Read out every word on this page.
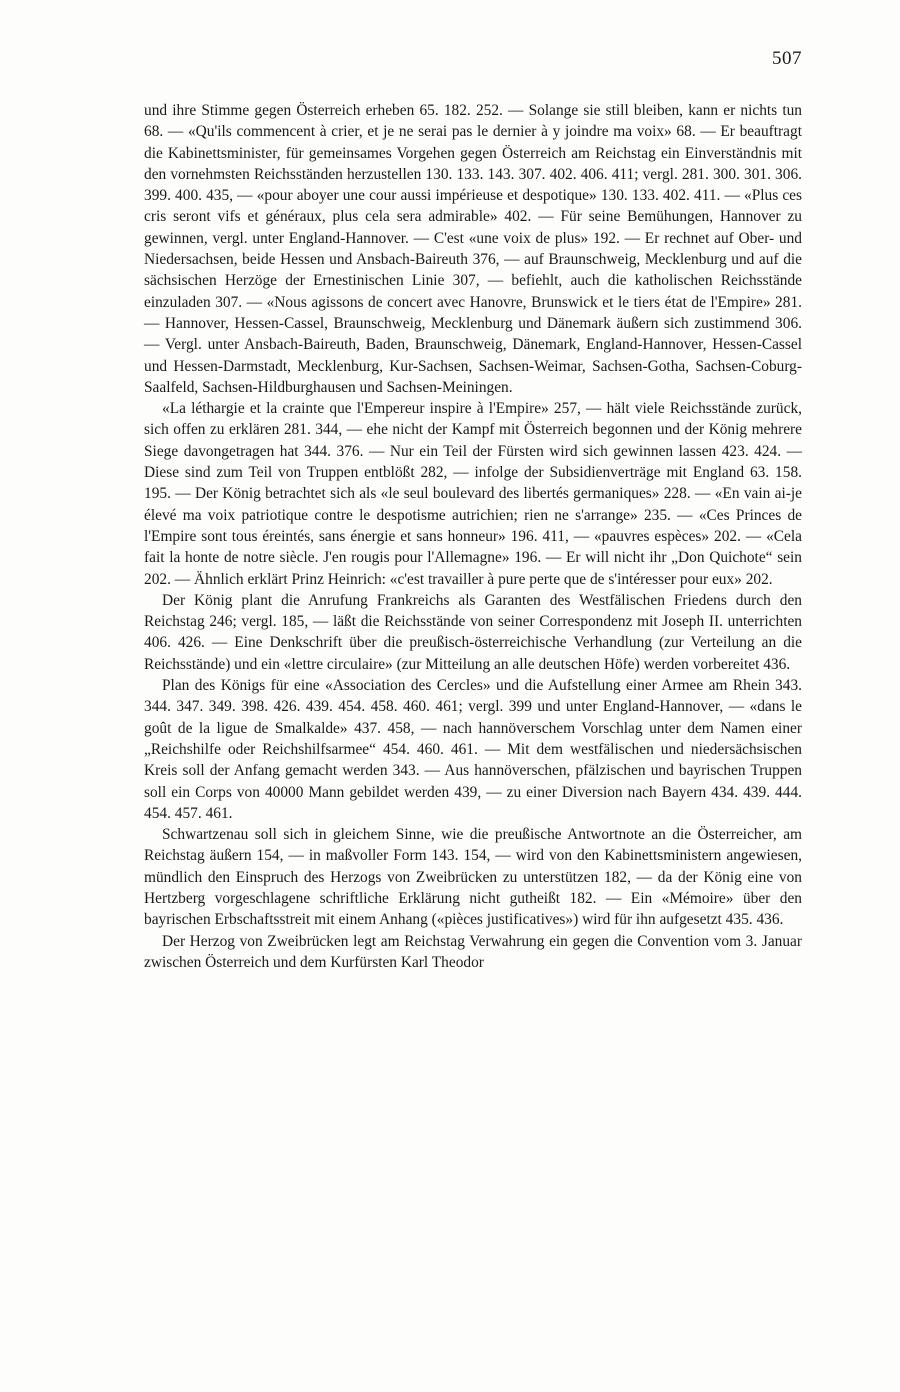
507

und ihre Stimme gegen Österreich erheben 65. 182. 252. — Solange sie still bleiben, kann er nichts tun 68. — «Qu'ils commencent à crier, et je ne serai pas le dernier à y joindre ma voix» 68. — Er beauftragt die Kabinettsminister, für gemeinsames Vorgehen gegen Österreich am Reichstag ein Einverständnis mit den vornehmsten Reichsständen herzustellen 130. 133. 143. 307. 402. 406. 411; vergl. 281. 300. 301. 306. 399. 400. 435, — «pour aboyer une cour aussi impérieuse et despotique» 130. 133. 402. 411. — «Plus ces cris seront vifs et généraux, plus cela sera admirable» 402. — Für seine Bemühungen, Hannover zu gewinnen, vergl. unter England-Hannover. — C'est «une voix de plus» 192. — Er rechnet auf Ober- und Niedersachsen, beide Hessen und Ansbach-Baireuth 376, — auf Braunschweig, Mecklenburg und auf die sächsischen Herzöge der Ernestinischen Linie 307, — befiehlt, auch die katholischen Reichsstände einzuladen 307. — «Nous agissons de concert avec Hanovre, Brunswick et le tiers état de l'Empire» 281. — Hannover, Hessen-Cassel, Braunschweig, Mecklenburg und Dänemark äußern sich zustimmend 306. — Vergl. unter Ansbach-Baireuth, Baden, Braunschweig, Dänemark, England-Hannover, Hessen-Cassel und Hessen-Darmstadt, Mecklenburg, Kur-Sachsen, Sachsen-Weimar, Sachsen-Gotha, Sachsen-Coburg-Saalfeld, Sachsen-Hildburghausen und Sachsen-Meiningen.

«La léthargie et la crainte que l'Empereur inspire à l'Empire» 257, — hält viele Reichsstände zurück, sich offen zu erklären 281. 344, — ehe nicht der Kampf mit Österreich begonnen und der König mehrere Siege davongetragen hat 344. 376. — Nur ein Teil der Fürsten wird sich gewinnen lassen 423. 424. — Diese sind zum Teil von Truppen entblößt 282, — infolge der Subsidienverträge mit England 63. 158. 195. — Der König betrachtet sich als «le seul boulevard des libertés germaniques» 228. — «En vain ai-je élevé ma voix patriotique contre le despotisme autrichien; rien ne s'arrange» 235. — «Ces Princes de l'Empire sont tous éreintés, sans énergie et sans honneur» 196. 411, — «pauvres espèces» 202. — «Cela fait la honte de notre siècle. J'en rougis pour l'Allemagne» 196. — Er will nicht ihr „Don Quichote“ sein 202. — Ähnlich erklärt Prinz Heinrich: «c'est travailler à pure perte que de s'intéresser pour eux» 202.

Der König plant die Anrufung Frankreichs als Garanten des Westfälischen Friedens durch den Reichstag 246; vergl. 185, — läßt die Reichsstände von seiner Correspondenz mit Joseph II. unterrichten 406. 426. — Eine Denkschrift über die preußisch-österreichische Verhandlung (zur Verteilung an die Reichsstände) und ein «lettre circulaire» (zur Mitteilung an alle deutschen Höfe) werden vorbereitet 436.

Plan des Königs für eine «Association des Cercles» und die Aufstellung einer Armee am Rhein 343. 344. 347. 349. 398. 426. 439. 454. 458. 460. 461; vergl. 399 und unter England-Hannover, — «dans le goût de la ligue de Smalkalde» 437. 458, — nach hannöverschem Vorschlag unter dem Namen einer „Reichshilfe oder Reichshilfsarmee“ 454. 460. 461. — Mit dem westfälischen und niedersächsischen Kreis soll der Anfang gemacht werden 343. — Aus hannöverschen, pfälzischen und bayrischen Truppen soll ein Corps von 40000 Mann gebildet werden 439, — zu einer Diversion nach Bayern 434. 439. 444. 454. 457. 461.

Schwartzenau soll sich in gleichem Sinne, wie die preußische Antwortnote an die Österreicher, am Reichstag äußern 154, — in maßvoller Form 143. 154, — wird von den Kabinettsministern angewiesen, mündlich den Einspruch des Herzogs von Zweibrücken zu unterstützen 182, — da der König eine von Hertzberg vorgeschlagene schriftliche Erklärung nicht gutheißt 182. — Ein «Mémoire» über den bayrischen Erbschaftsstreit mit einem Anhang («pièces justificatives») wird für ihn aufgesetzt 435. 436.

Der Herzog von Zweibrücken legt am Reichstag Verwahrung ein gegen die Convention vom 3. Januar zwischen Österreich und dem Kurfürsten Karl Theodor
